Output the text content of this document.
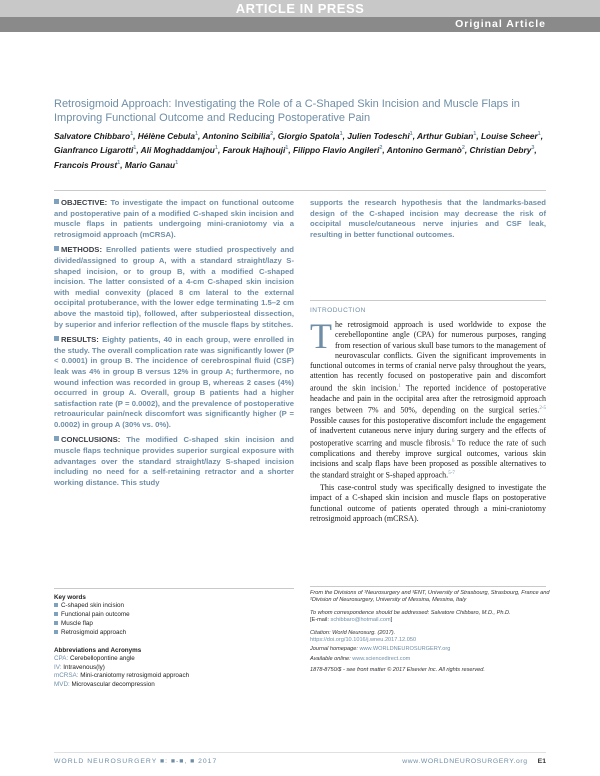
ARTICLE IN PRESS
Original Article
Retrosigmoid Approach: Investigating the Role of a C-Shaped Skin Incision and Muscle Flaps in Improving Functional Outcome and Reducing Postoperative Pain
Salvatore Chibbaro$^1$, Hélène Cebula$^1$, Antonino Scibilia$^2$, Giorgio Spatola$^1$, Julien Todeschi$^1$, Arthur Gubian$^1$, Louise Scheer$^1$, Gianfranco Ligarotti$^1$, Ali Moghaddamjou$^1$, Farouk Hajhouji$^1$, Filippo Flavio Angileri$^2$, Antonino Germanò$^2$, Christian Debry$^3$, Francois Proust$^1$, Mario Ganau$^1$

OBJECTIVE: To investigate the impact on functional outcome and postoperative pain of a modified C-shaped skin incision and muscle flaps in patients undergoing mini-craniotomy via a retrosigmoid approach (mCRSA).

METHODS: Enrolled patients were studied prospectively and divided/assigned to group A, with a standard straight/lazy S-shaped incision, or to group B, with a modified C-shaped incision. The latter consisted of a 4-cm C-shaped skin incision with medial convexity (placed 8 cm lateral to the external occipital protuberance, with the lower edge terminating 1.5–2 cm above the mastoid tip), followed, after subperiosteal dissection, by superior and inferior reflection of the muscle flaps by stitches.

RESULTS: Eighty patients, 40 in each group, were enrolled in the study. The overall complication rate was significantly lower (P < 0.0001) in group B. The incidence of cerebrospinal fluid (CSF) leak was 4% in group B versus 12% in group A; furthermore, no wound infection was recorded in group B, whereas 2 cases (4%) occurred in group A. Overall, group B patients had a higher satisfaction rate (P = 0.0002), and the prevalence of postoperative retroauricular pain/neck discomfort was significantly higher (P = 0.0002) in group A (30% vs. 0%).

CONCLUSIONS: The modified C-shaped skin incision and muscle flaps technique provides superior surgical exposure with advantages over the standard straight/lazy S-shaped incision including no need for a self-retaining retractor and a shorter working distance. This study

supports the research hypothesis that the landmarks-based design of the C-shaped incision may decrease the risk of occipital muscle/cutaneous nerve injuries and CSF leak, resulting in better functional outcomes.
INTRODUCTION

The retrosigmoid approach is used worldwide to expose the cerebellopontine angle (CPA) for numerous purposes, ranging from resection of various skull base tumors to the management of neurovascular conflicts. Given the significant improvements in functional outcomes in terms of cranial nerve palsy throughout the years, attention has recently focused on postoperative pain and discomfort around the skin incision.$^1$ The reported incidence of postoperative headache and pain in the occipital area after the retrosigmoid approach ranges between 7% and 50%, depending on the surgical series.$^{2-5}$ Possible causes for this postoperative discomfort include the engagement of inadvertent cutaneous nerve injury during surgery and the effects of postoperative scarring and muscle fibrosis.$^6$ To reduce the rate of such complications and thereby improve surgical outcomes, various skin incisions and scalp flaps have been proposed as possible alternatives to the standard straight or S-shaped approach.$^{5-7}$

This case-control study was specifically designed to investigate the impact of a C-shaped skin incision and muscle flaps on postoperative functional outcome of patients operated through a mini-craniotomy retrosigmoid approach (mCRSA).

Key words
C-shaped skin incision
Functional pain outcome
Muscle flap
Retrosigmoid approach
Abbreviations and Acronyms
CPA: Cerebellopontine angle
IV: Intravenous(ly)
mCRSA: Mini-craniotomy retrosigmoid approach
MVD: Microvascular decompression
From the Divisions of ¹Neurosurgery and ³ENT, University of Strasbourg, Strasbourg, France and ²Division of Neurosurgery, University of Messina, Messina, Italy
To whom correspondence should be addressed: Salvatore Chibbaro, M.D., Ph.D.
[E-mail: schibbaro@hotmail.com]
Citation: World Neurosurg. (2017).
https://doi.org/10.1016/j.wneu.2017.12.050
Journal homepage: www.WORLDNEUROSURGERY.org
Available online: www.sciencedirect.com
1878-8750/$ - see front matter © 2017 Elsevier Inc. All rights reserved.
WORLD NEUROSURGERY ■: ■-■, ■ 2017	www.WORLDNEUROSURGERY.org E1
